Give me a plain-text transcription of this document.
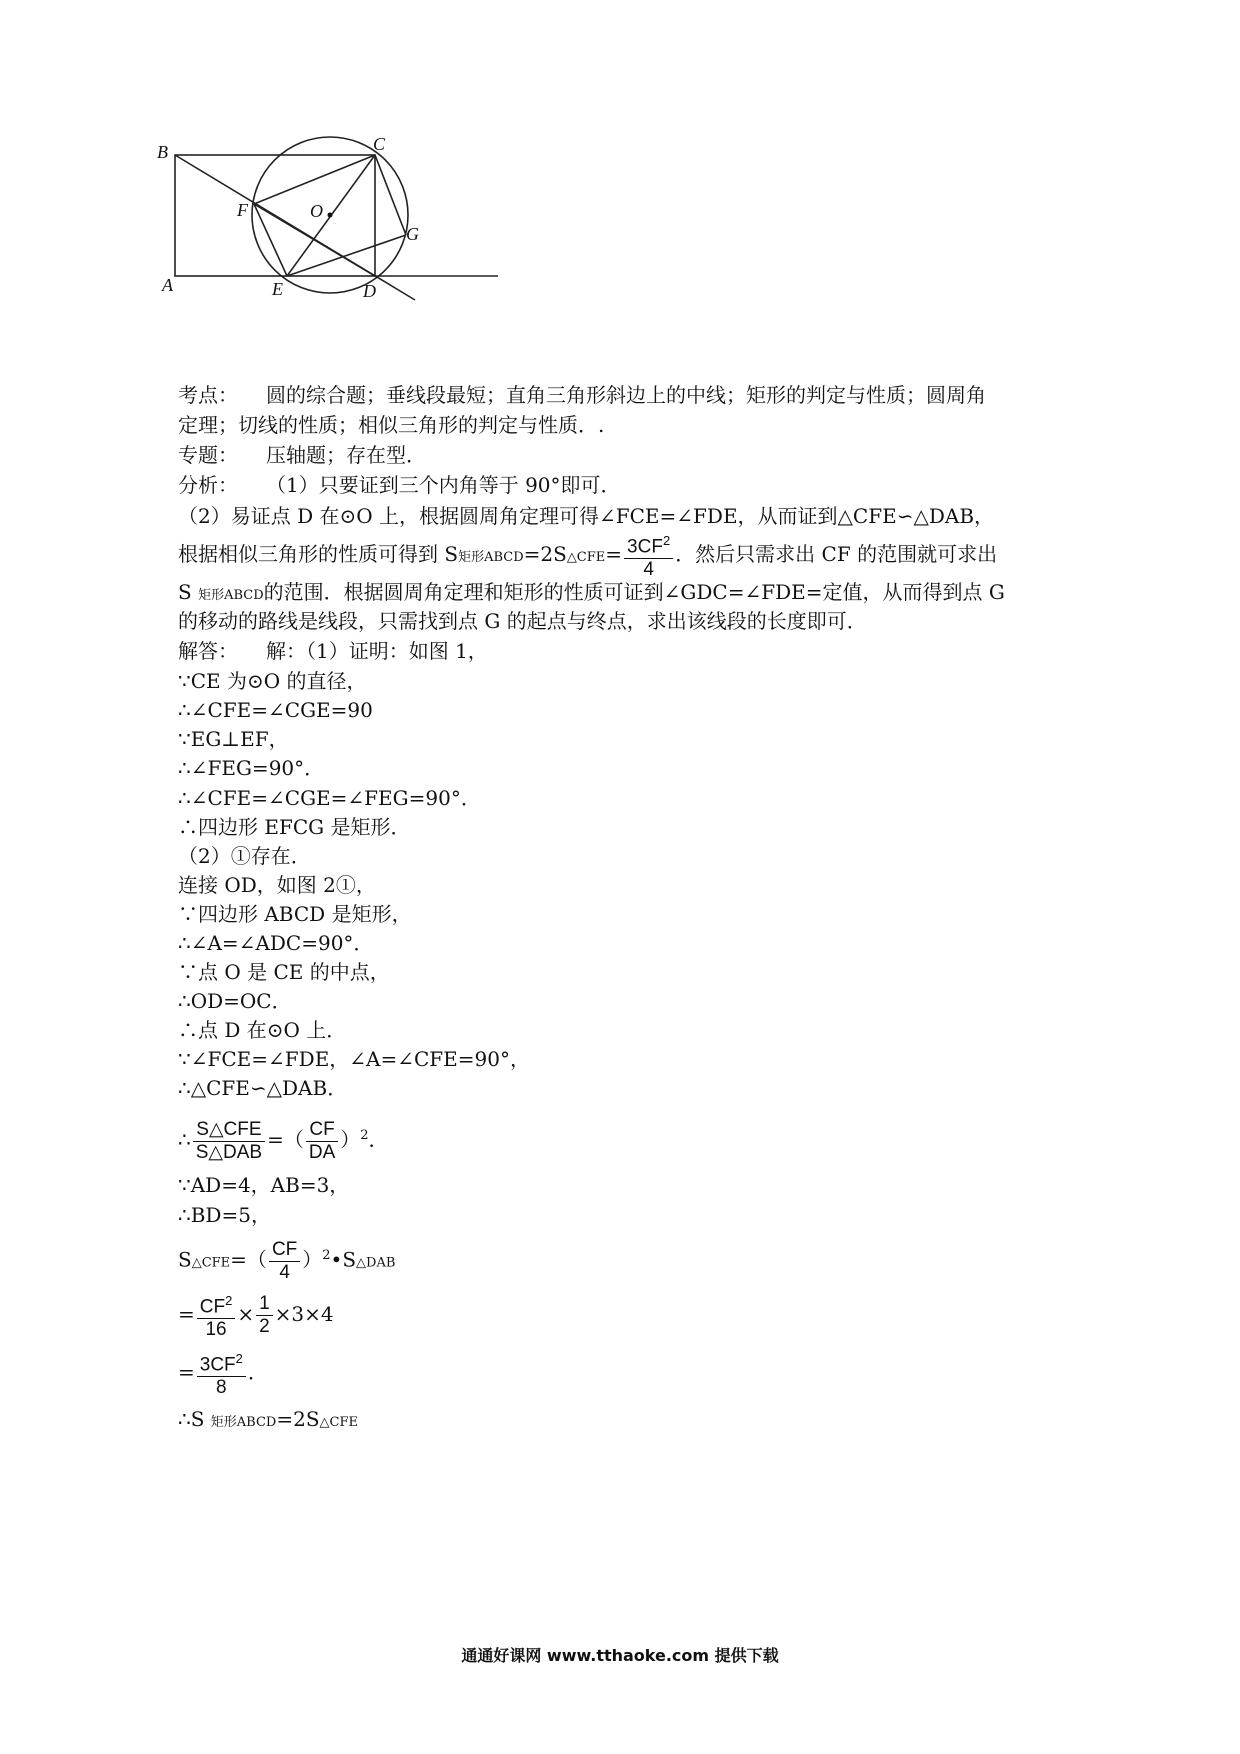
B	C
F	O
G
A	E	D
考点： 圆的综合题；垂线段最短；直角三角形斜边上的中线；矩形的判定与性质；圆周角
定理；切线的性质；相似三角形的判定与性质．.
专题： 压轴题；存在型．
分析： （1）只要证到三个内角等于 90°即可．
（2）易证点 D 在⊙O 上，根据圆周角定理可得∠FCE=∠FDE，从而证到△CFE∽△DAB，
根据相似三角形的性质可得到 S矩形ABCD=2S△CFE= $\frac{3CF^2}{4}$ ．然后只需求出 CF 的范围就可求出
S 矩形ABCD的范围．根据圆周角定理和矩形的性质可证到∠GDC=∠FDE=定值，从而得到点 G
的移动的路线是线段，只需找到点 G 的起点与终点，求出该线段的长度即可．
解答： 解：（1）证明：如图 1，
∵CE 为⊙O 的直径，
∴∠CFE=∠CGE=90
∵EG⊥EF，
∴∠FEG=90°．
∴∠CFE=∠CGE=∠FEG=90°．
∴四边形 EFCG 是矩形．
（2）①存在．
连接 OD，如图 2①，
∵四边形 ABCD 是矩形，
∴∠A=∠ADC=90°．
∵点 O 是 CE 的中点，
∴OD=OC．
∴点 D 在⊙O 上．
∵∠FCE=∠FDE，∠A=∠CFE=90°，
∴△CFE∽△DAB．
∴ $\frac{\text{S△CFE}}{\text{S△DAB}}$ =（ $\frac{CF}{DA} )^2$．
∵AD=4，AB=3，
∴BD=5，
S△CFE=（ $\frac{CF}{4}$ ）$^2$•S△DAB
= $\frac{CF^2}{16} \times \frac{1}{2} \times 3\times 4$
= $\frac{3CF^2}{8}$ ．
∴S 矩形ABCD=2S△CFE
通通好课网 www.tthaoke.com 提供下载
